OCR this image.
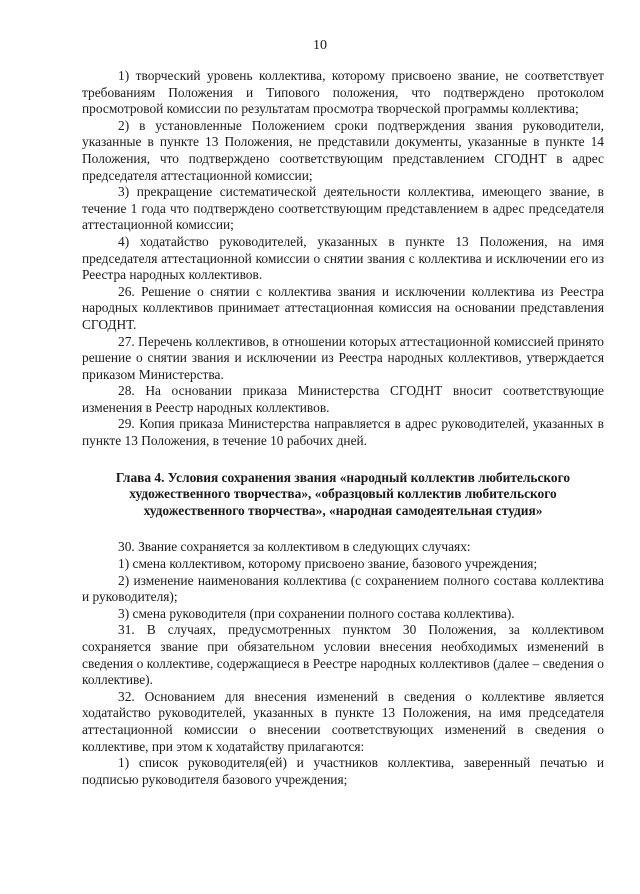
10

1) творческий уровень коллектива, которому присвоено звание, не соответствует требованиям Положения и Типового положения, что подтверждено протоколом просмотровой комиссии по результатам просмотра творческой программы коллектива;

2) в установленные Положением сроки подтверждения звания руководители, указанные в пункте 13 Положения, не представили документы, указанные в пункте 14 Положения, что подтверждено соответствующим представлением СГОДНТ в адрес председателя аттестационной комиссии;

3) прекращение систематической деятельности коллектива, имеющего звание, в течение 1 года что подтверждено соответствующим представлением в адрес председателя аттестационной комиссии;

4) ходатайство руководителей, указанных в пункте 13 Положения, на имя председателя аттестационной комиссии о снятии звания с коллектива и исключении его из Реестра народных коллективов.

26. Решение о снятии с коллектива звания и исключении коллектива из Реестра народных коллективов принимает аттестационная комиссия на основании представления СГОДНТ.

27. Перечень коллективов, в отношении которых аттестационной комиссией принято решение о снятии звания и исключении из Реестра народных коллективов, утверждается приказом Министерства.

28. На основании приказа Министерства СГОДНТ вносит соответствующие изменения в Реестр народных коллективов.

29. Копия приказа Министерства направляется в адрес руководителей, указанных в пункте 13 Положения, в течение 10 рабочих дней.

Глава 4. Условия сохранения звания «народный коллектив любительского художественного творчества», «образцовый коллектив любительского художественного творчества», «народная самодеятельная студия»

30. Звание сохраняется за коллективом в следующих случаях:

1) смена коллективом, которому присвоено звание, базового учреждения;

2) изменение наименования коллектива (с сохранением полного состава коллектива и руководителя);

3) смена руководителя (при сохранении полного состава коллектива).

31. В случаях, предусмотренных пунктом 30 Положения, за коллективом сохраняется звание при обязательном условии внесения необходимых изменений в сведения о коллективе, содержащиеся в Реестре народных коллективов (далее – сведения о коллективе).

32. Основанием для внесения изменений в сведения о коллективе является ходатайство руководителей, указанных в пункте 13 Положения, на имя председателя аттестационной комиссии о внесении соответствующих изменений в сведения о коллективе, при этом к ходатайству прилагаются:

1) список руководителя(ей) и участников коллектива, заверенный печатью и подписью руководителя базового учреждения;
